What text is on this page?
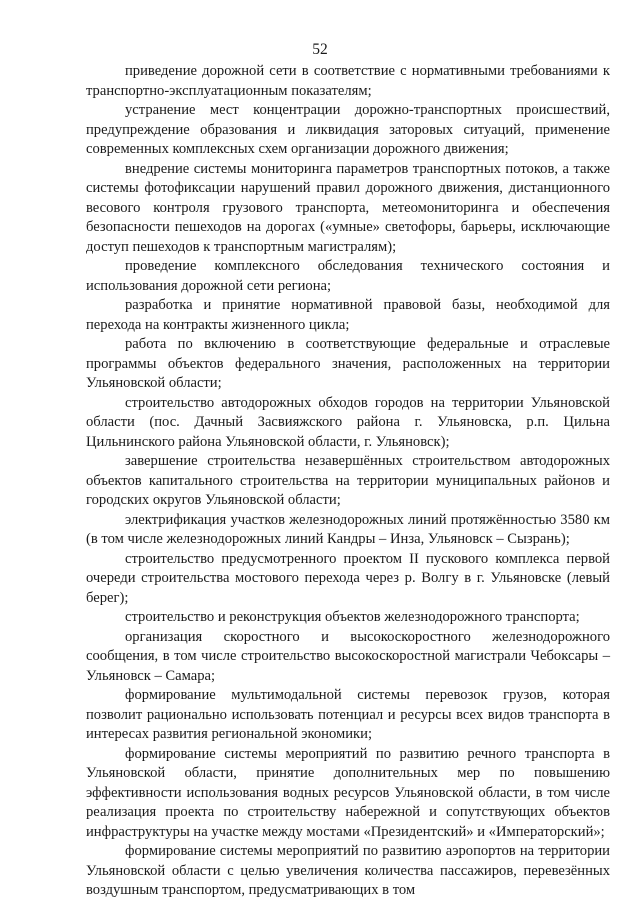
52

приведение дорожной сети в соответствие с нормативными требованиями к транспортно-эксплуатационным показателям;

устранение мест концентрации дорожно-транспортных происшествий, предупреждение образования и ликвидация заторовых ситуаций, применение современных комплексных схем организации дорожного движения;

внедрение системы мониторинга параметров транспортных потоков, а также системы фотофиксации нарушений правил дорожного движения, дистанционного весового контроля грузового транспорта, метеомониторинга и обеспечения безопасности пешеходов на дорогах («умные» светофоры, барьеры, исключающие доступ пешеходов к транспортным магистралям);

проведение комплексного обследования технического состояния и использования дорожной сети региона;

разработка и принятие нормативной правовой базы, необходимой для перехода на контракты жизненного цикла;

работа по включению в соответствующие федеральные и отраслевые программы объектов федерального значения, расположенных на территории Ульяновской области;

строительство автодорожных обходов городов на территории Ульяновской области (пос. Дачный Засвияжского района г. Ульяновска, р.п. Цильна Цильнинского района Ульяновской области, г. Ульяновск);

завершение строительства незавершённых строительством автодорожных объектов капитального строительства на территории муниципальных районов и городских округов Ульяновской области;

электрификация участков железнодорожных линий протяжённостью 3580 км (в том числе железнодорожных линий Кандры – Инза, Ульяновск – Сызрань);

строительство предусмотренного проектом II пускового комплекса первой очереди строительства мостового перехода через р. Волгу в г. Ульяновске (левый берег);

строительство и реконструкция объектов железнодорожного транспорта;

организация скоростного и высокоскоростного железнодорожного сообщения, в том числе строительство высокоскоростной магистрали Чебоксары – Ульяновск – Самара;

формирование мультимодальной системы перевозок грузов, которая позволит рационально использовать потенциал и ресурсы всех видов транспорта в интересах развития региональной экономики;

формирование системы мероприятий по развитию речного транспорта в Ульяновской области, принятие дополнительных мер по повышению эффективности использования водных ресурсов Ульяновской области, в том числе реализация проекта по строительству набережной и сопутствующих объектов инфраструктуры на участке между мостами «Президентский» и «Императорский»;

формирование системы мероприятий по развитию аэропортов на территории Ульяновской области с целью увеличения количества пассажиров, перевезённых воздушным транспортом, предусматривающих в том
